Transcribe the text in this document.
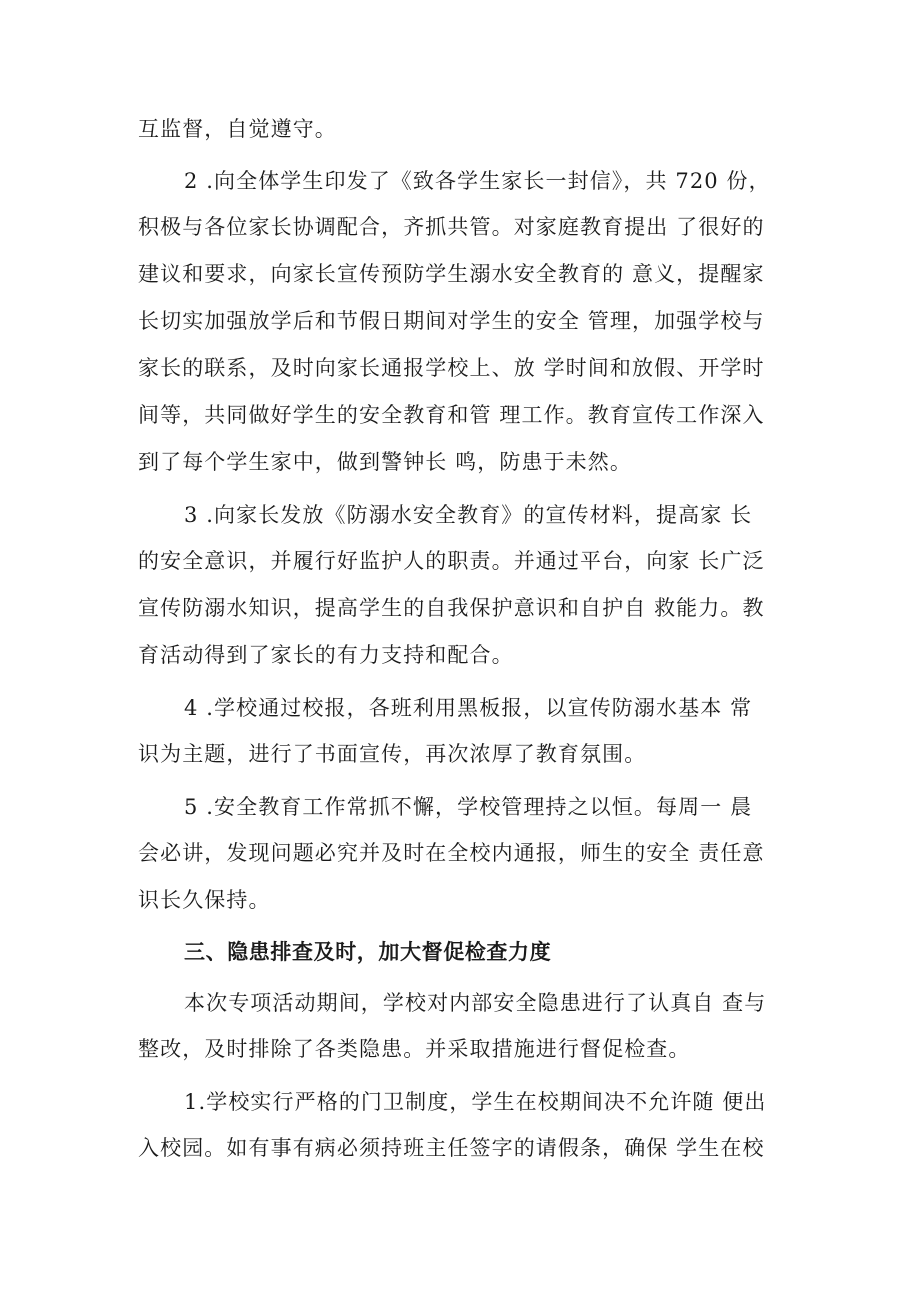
互监督，自觉遵守。
2 .向全体学生印发了《致各学生家长一封信》，共 720 份，
积极与各位家长协调配合，齐抓共管。对家庭教育提出 了很好的
建议和要求，向家长宣传预防学生溺水安全教育的 意义，提醒家
长切实加强放学后和节假日期间对学生的安全 管理，加强学校与
家长的联系，及时向家长通报学校上、放 学时间和放假、开学时
间等，共同做好学生的安全教育和管 理工作。教育宣传工作深入
到了每个学生家中，做到警钟长 鸣，防患于未然。
3 .向家长发放《防溺水安全教育》的宣传材料，提高家 长
的安全意识，并履行好监护人的职责。并通过平台，向家 长广泛
宣传防溺水知识，提高学生的自我保护意识和自护自 救能力。教
育活动得到了家长的有力支持和配合。
4 .学校通过校报，各班利用黑板报，以宣传防溺水基本 常
识为主题，进行了书面宣传，再次浓厚了教育氛围。
5 .安全教育工作常抓不懈，学校管理持之以恒。每周一 晨
会必讲，发现问题必究并及时在全校内通报，师生的安全 责任意
识长久保持。
三、隐患排查及时，加大督促检查力度
本次专项活动期间，学校对内部安全隐患进行了认真自 查与
整改，及时排除了各类隐患。并采取措施进行督促检查。
1.学校实行严格的门卫制度，学生在校期间决不允许随 便出
入校园。如有事有病必须持班主任签字的请假条，确保 学生在校
